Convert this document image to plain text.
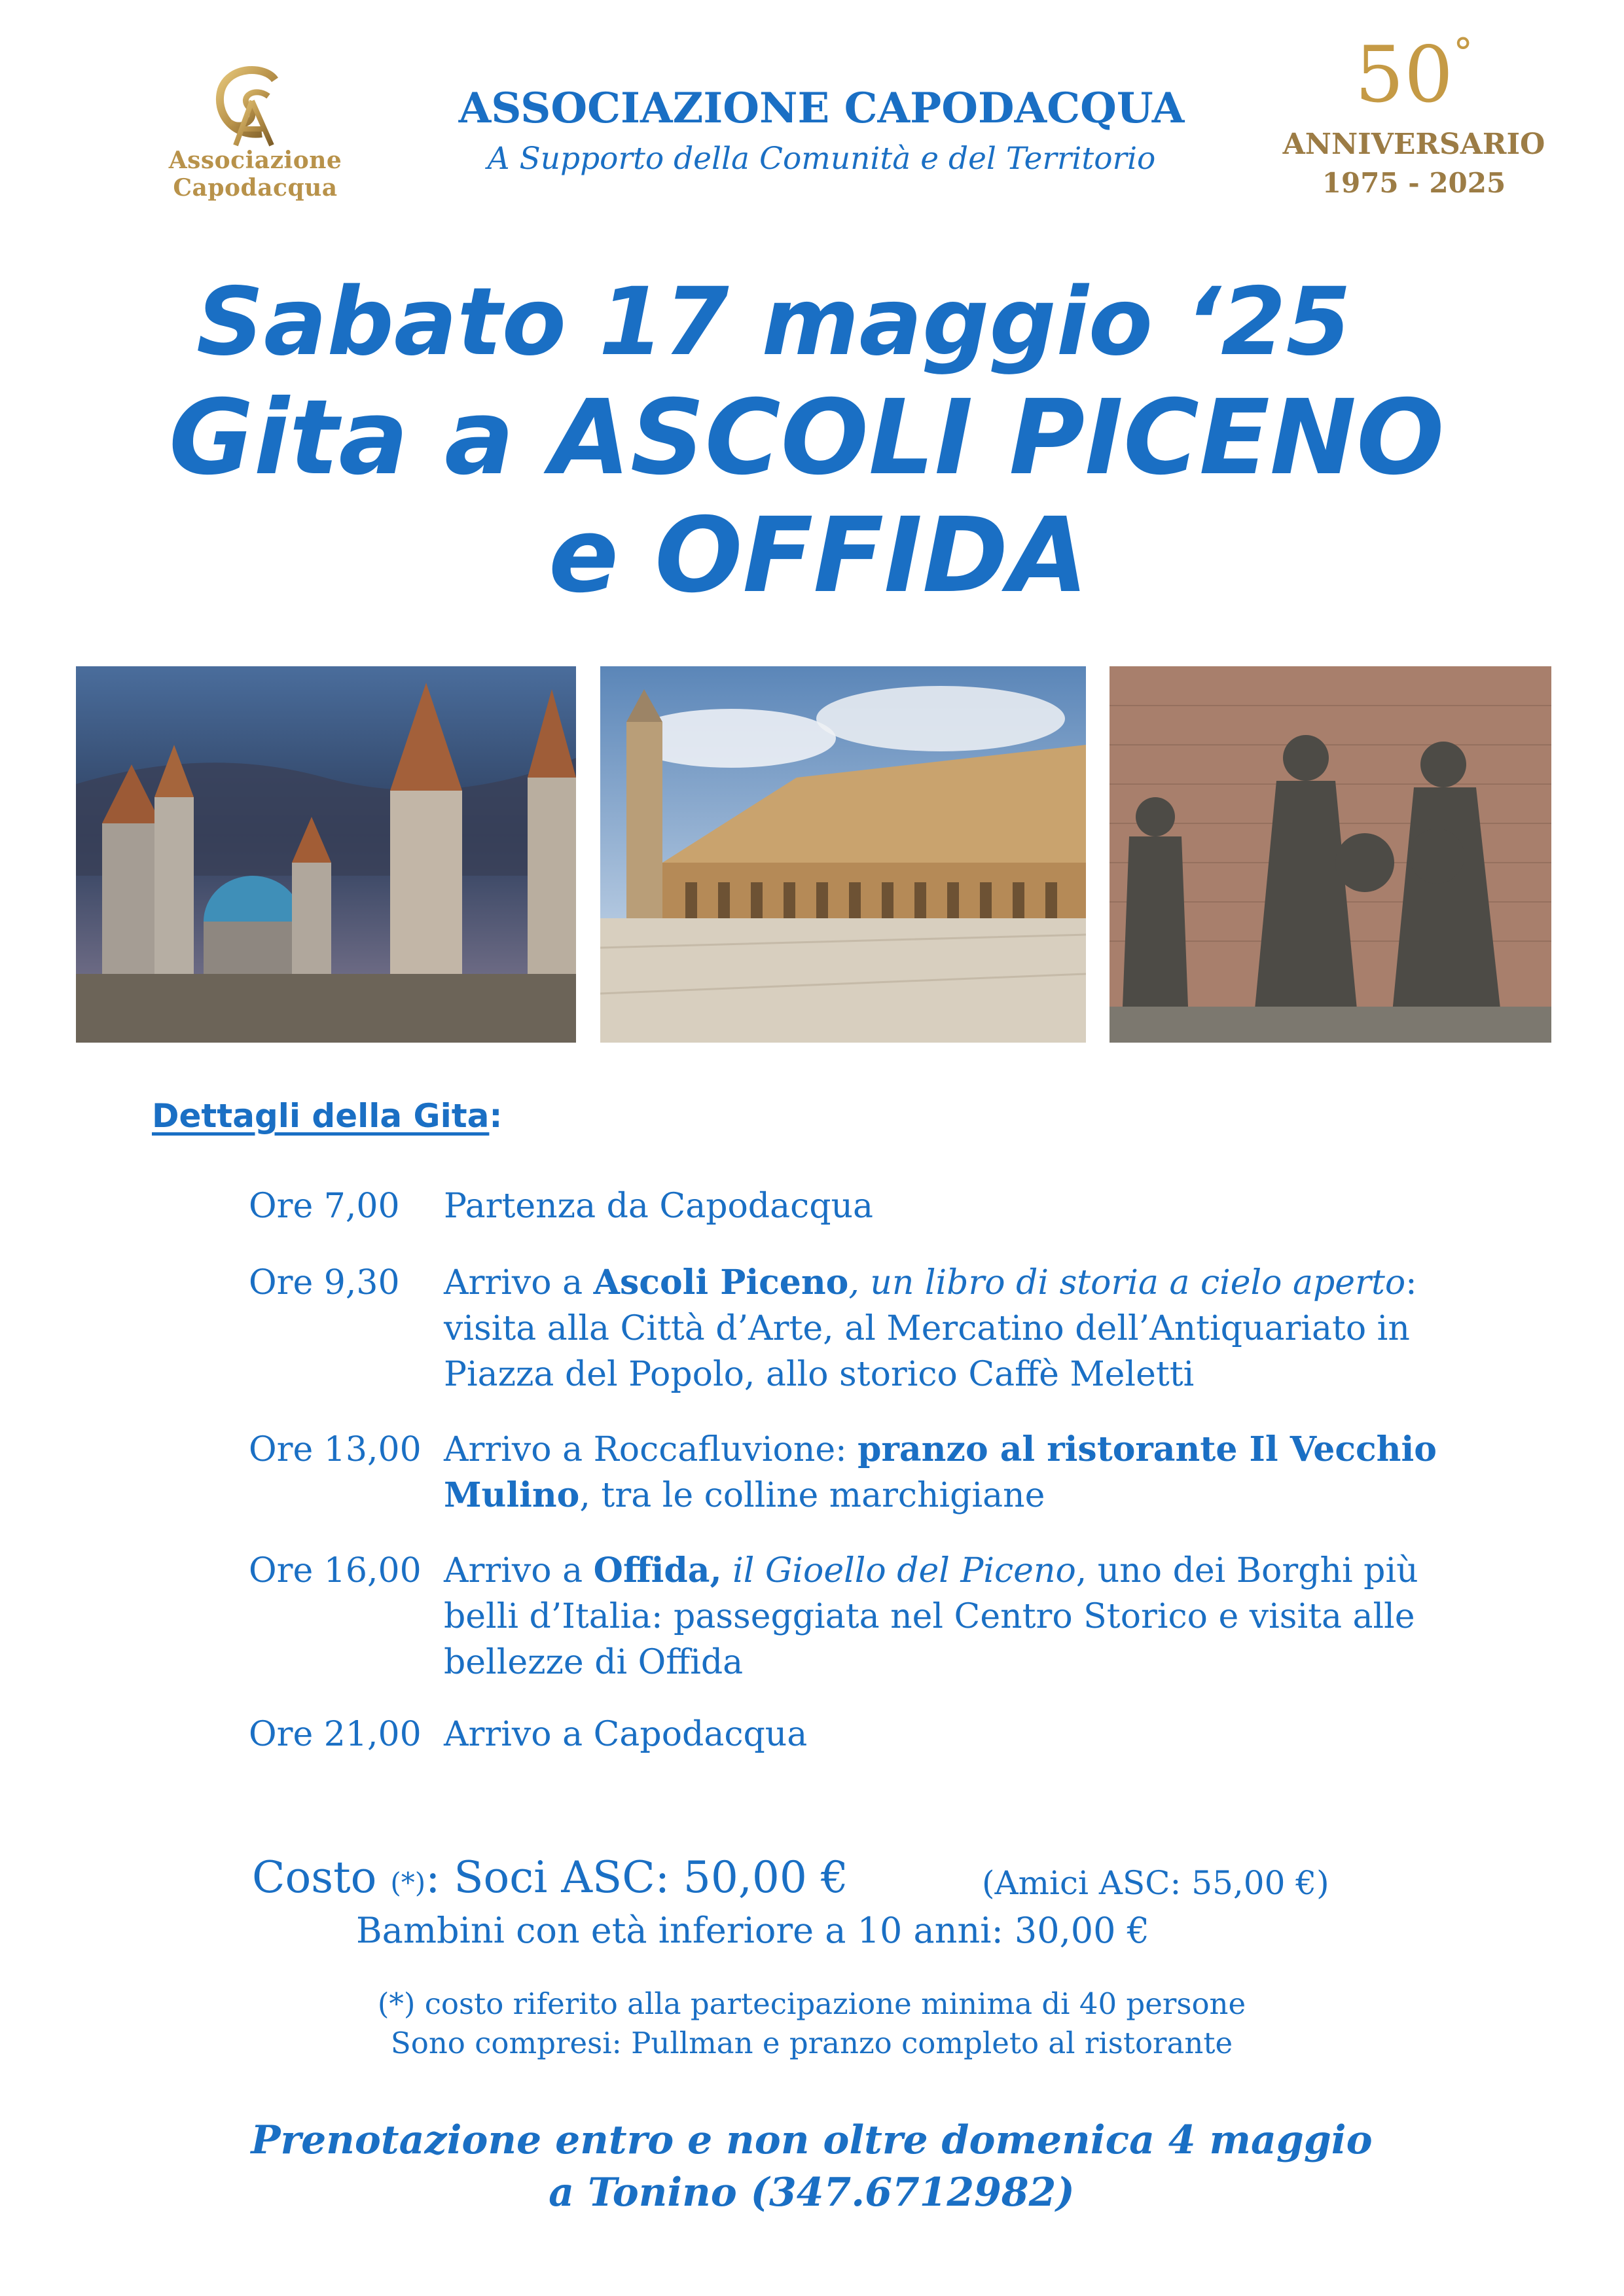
Associazione Capodacqua
ASSOCIAZIONE CAPODACQUA
A Supporto della Comunità e del Territorio
50°
ANNIVERSARIO
1975 - 2025
Sabato 17 maggio ‘25
Gita a ASCOLI PICENO
e OFFIDA
Dettagli della Gita:
Ore 7,00 Partenza da Capodacqua
Ore 9,30 Arrivo a Ascoli Piceno, un libro di storia a cielo aperto:
visita alla Città d’Arte, al Mercatino dell’Antiquariato in
Piazza del Popolo, allo storico Caffè Meletti
Ore 13,00 Arrivo a Roccafluvione: pranzo al ristorante Il Vecchio
Mulino, tra le colline marchigiane
Ore 16,00 Arrivo a Offida, il Gioello del Piceno, uno dei Borghi più
belli d’Italia: passeggiata nel Centro Storico e visita alle
bellezze di Offida
Ore 21,00 Arrivo a Capodacqua
Costo (*): Soci ASC: 50,00 €	(Amici ASC: 55,00 €)
Bambini con età inferiore a 10 anni: 30,00 €
(*) costo riferito alla partecipazione minima di 40 persone
Sono compresi: Pullman e pranzo completo al ristorante
Prenotazione entro e non oltre domenica 4 maggio
a Tonino (347.6712982)
